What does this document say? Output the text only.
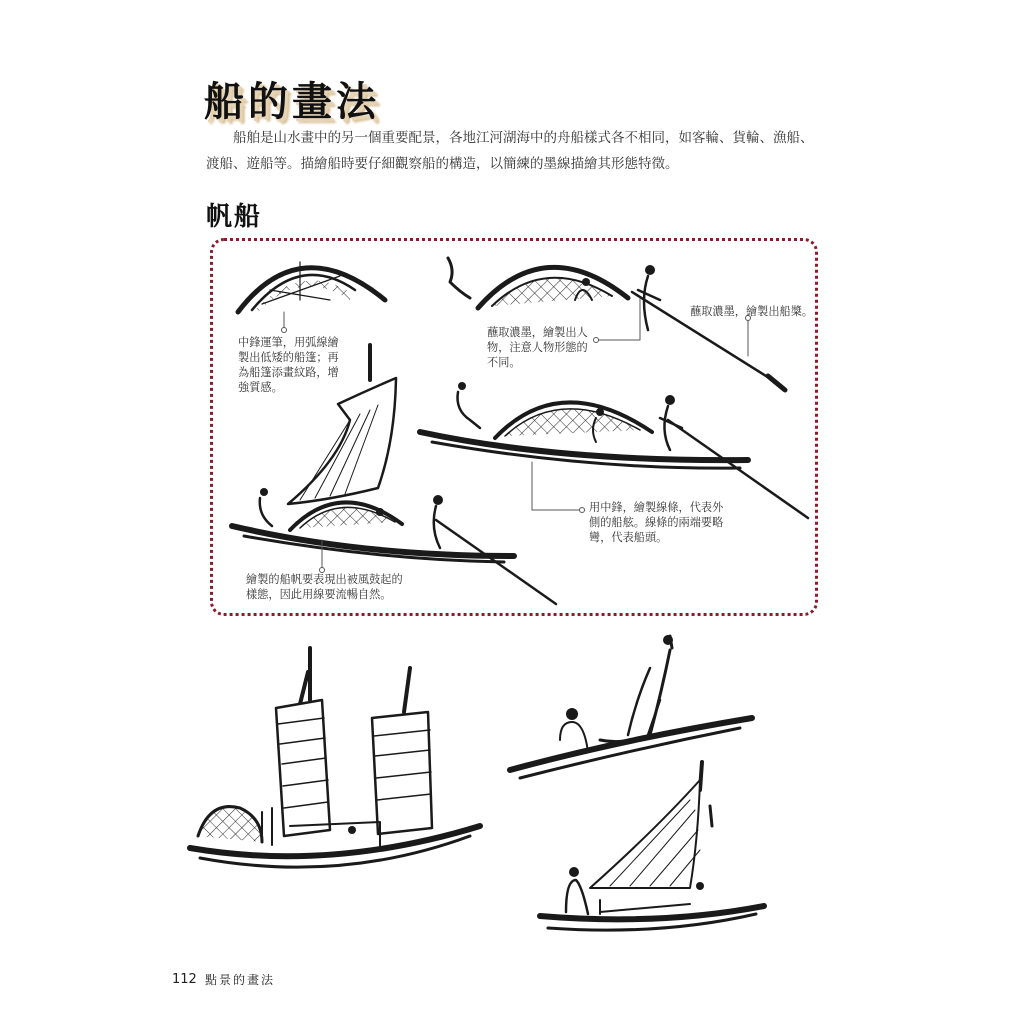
船的畫法
船舶是山水畫中的另一個重要配景，各地江河湖海中的舟船樣式各不相同，如客輪、貨輪、漁船、
渡船、遊船等。描繪船時要仔細觀察船的構造，以簡練的墨線描繪其形態特徵。
帆船
中鋒運筆，用弧線繪
製出低矮的船篷；再
為船篷添畫紋路，增
強質感。
蘸取濃墨，繪製出人
物，注意人物形態的
不同。
蘸取濃墨，繪製出船槳。
用中鋒，繪製線條，代表外
側的船舷。線條的兩端要略
彎，代表船頭。
繪製的船帆要表現出被風鼓起的
樣態，因此用線要流暢自然。
112 點景的畫法
